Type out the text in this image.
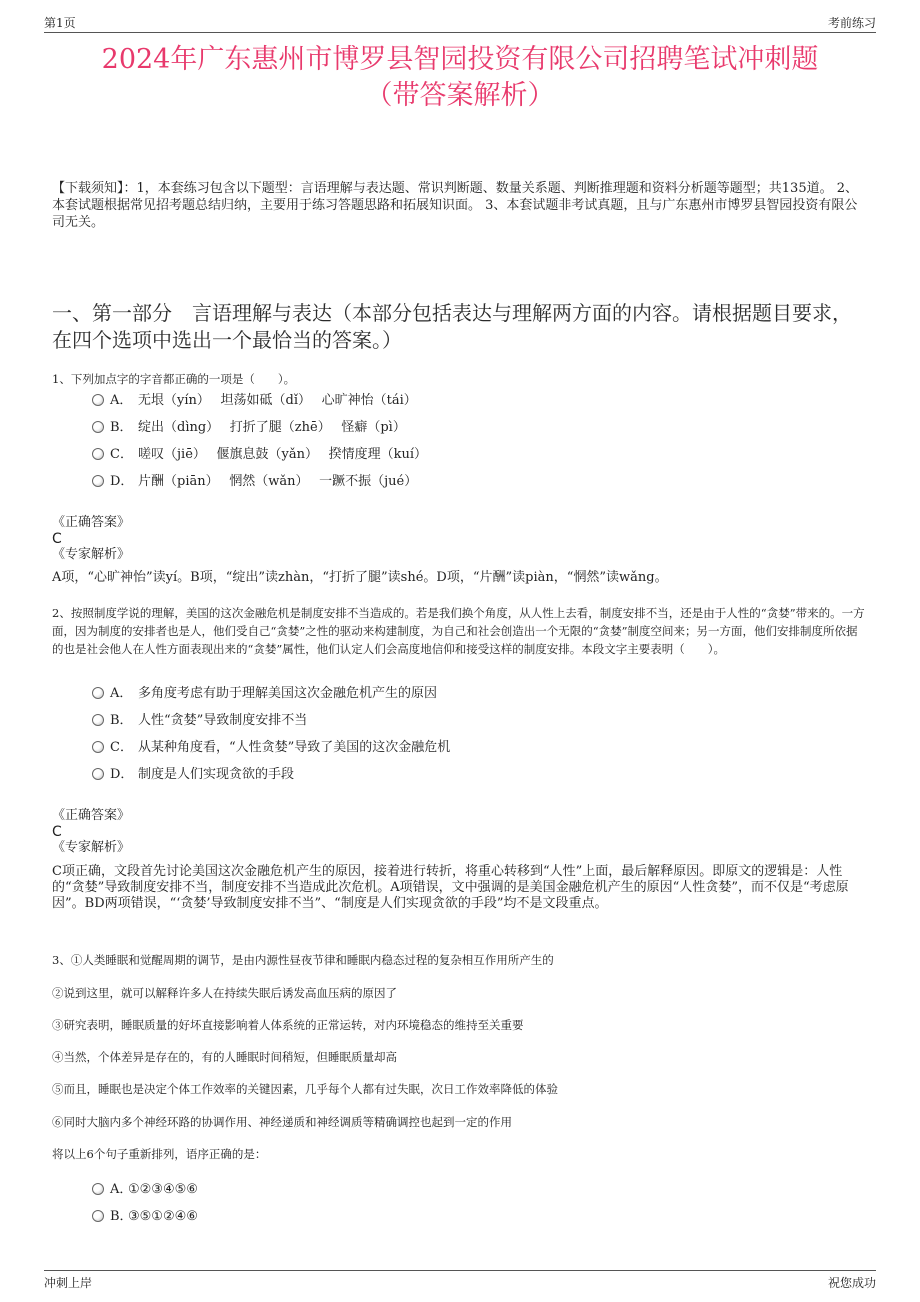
第1页	考前练习
2024年广东惠州市博罗县智园投资有限公司招聘笔试冲刺题
（带答案解析）
【下载须知】：1，本套练习包含以下题型：言语理解与表达题、常识判断题、数量关系题、判断推理题和资料分析题等题型；共135道。 2、本套试题根据常见招考题总结归纳，主要用于练习答题思路和拓展知识面。 3、本套试题非考试真题，且与广东惠州市博罗县智园投资有限公司无关。
一、第一部分　言语理解与表达（本部分包括表达与理解两方面的内容。请根据题目要求，在四个选项中选出一个最恰当的答案。）
1、下列加点字的字音都正确的一项是（　　）。
A． 无垠（yín）　 坦荡如砥（dǐ）　 心旷神怡（tái）
B． 绽出（dìng）　 打折了腿（zhē）　 怪癖（pì）
C． 嗟叹（jiē）　 偃旗息鼓（yǎn）　 揆情度理（kuí）
D． 片酬（piān）　 惘然（wǎn）　 一蹶不振（jué）
《正确答案》
C
《专家解析》
A项，“心旷神怡”读yí。B项，“绽出”读zhàn，“打折了腿”读shé。D项，“片酬”读piàn，“惘然”读wǎng。
2、按照制度学说的理解，美国的这次金融危机是制度安排不当造成的。若是我们换个角度，从人性上去看，制度安排不当，还是由于人性的“贪婪”带来的。一方面，因为制度的安排者也是人，他们受自己“贪婪”之性的驱动来构建制度，为自己和社会创造出一个无限的“贪婪”制度空间来；另一方面，他们安排制度所依据的也是社会他人在人性方面表现出来的“贪婪”属性，他们认定人们会高度地信仰和接受这样的制度安排。本段文字主要表明（　　）。
A． 多角度考虑有助于理解美国这次金融危机产生的原因
B． 人性“贪婪”导致制度安排不当
C． 从某种角度看，“人性贪婪”导致了美国的这次金融危机
D． 制度是人们实现贪欲的手段
《正确答案》
C
《专家解析》
C项正确，文段首先讨论美国这次金融危机产生的原因，接着进行转折，将重心转移到“人性”上面，最后解释原因。即原文的逻辑是：人性的“贪婪”导致制度安排不当，制度安排不当造成此次危机。A项错误，文中强调的是美国金融危机产生的原因“人性贪婪”，而不仅是“考虑原因”。BD两项错误，“‘贪婪’导致制度安排不当”、“制度是人们实现贪欲的手段”均不是文段重点。
3、①人类睡眠和觉醒周期的调节，是由内源性昼夜节律和睡眠内稳态过程的复杂相互作用所产生的
②说到这里，就可以解释许多人在持续失眠后诱发高血压病的原因了
③研究表明，睡眠质量的好坏直接影响着人体系统的正常运转，对内环境稳态的维持至关重要
④当然，个体差异是存在的，有的人睡眠时间稍短，但睡眠质量却高
⑤而且，睡眠也是决定个体工作效率的关键因素，几乎每个人都有过失眠，次日工作效率降低的体验
⑥同时大脑内多个神经环路的协调作用、神经递质和神经调质等精确调控也起到一定的作用
将以上6个句子重新排列，语序正确的是：
A．①②③④⑤⑥
B．③⑤①②④⑥
冲刺上岸	祝您成功
